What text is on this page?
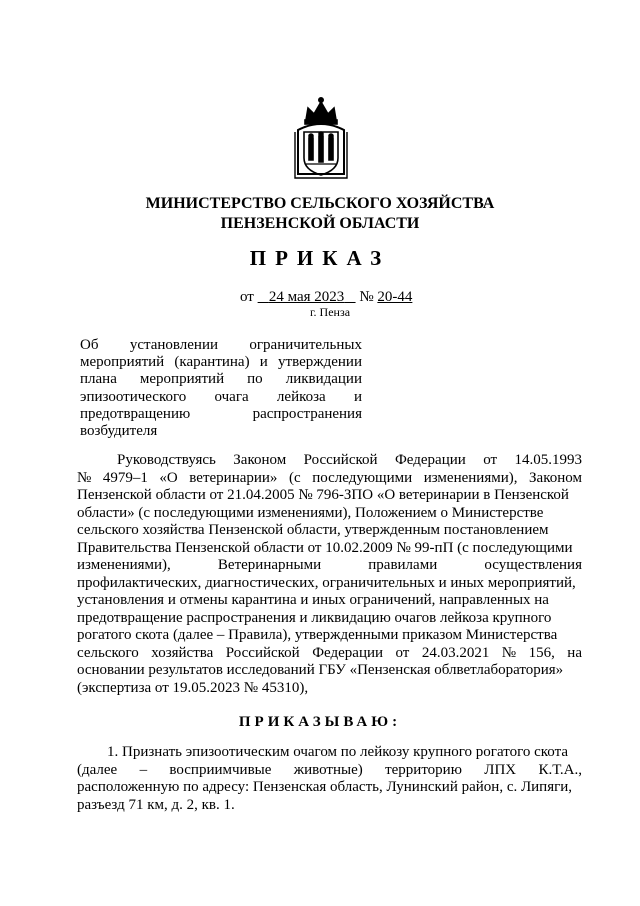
МИНИСТЕРСТВО СЕЛЬСКОГО ХОЗЯЙСТВА
ПЕНЗЕНСКОЙ ОБЛАСТИ
ПРИКАЗ
от 24 мая 2023 № 20-44
г. Пенза
Об установлении ограничительных
мероприятий (карантина) и утверждении
плана мероприятий по ликвидации
эпизоотического очага лейкоза и
предотвращению	распространения
возбудителя
Руководствуясь Законом Российской Федерации от 14.05.1993
№ 4979–1 «О ветеринарии» (с последующими изменениями), Законом
Пензенской области от 21.04.2005 № 796-ЗПО «О ветеринарии в Пензенской
области» (с последующими изменениями), Положением о Министерстве
сельского хозяйства Пензенской области, утвержденным постановлением
Правительства Пензенской области от 10.02.2009 № 99-пП (с последующими
изменениями),	Ветеринарными	правилами	осуществления
профилактических, диагностических, ограничительных и иных мероприятий,
установления и отмены карантина и иных ограничений, направленных на
предотвращение распространения и ликвидацию очагов лейкоза крупного
рогатого скота (далее – Правила), утвержденными приказом Министерства
сельского хозяйства Российской Федерации от 24.03.2021 № 156, на
основании результатов исследований ГБУ «Пензенская облветлаборатория»
(экспертиза от 19.05.2023 № 45310),
ПРИКАЗЫВАЮ:
1. Признать эпизоотическим очагом по лейкозу крупного рогатого скота
(далее – восприимчивые животные) территорию ЛПХ К.Т.А.,
расположенную по адресу: Пензенская область, Лунинский район, с. Липяги,
разъезд 71 км, д. 2, кв. 1.
